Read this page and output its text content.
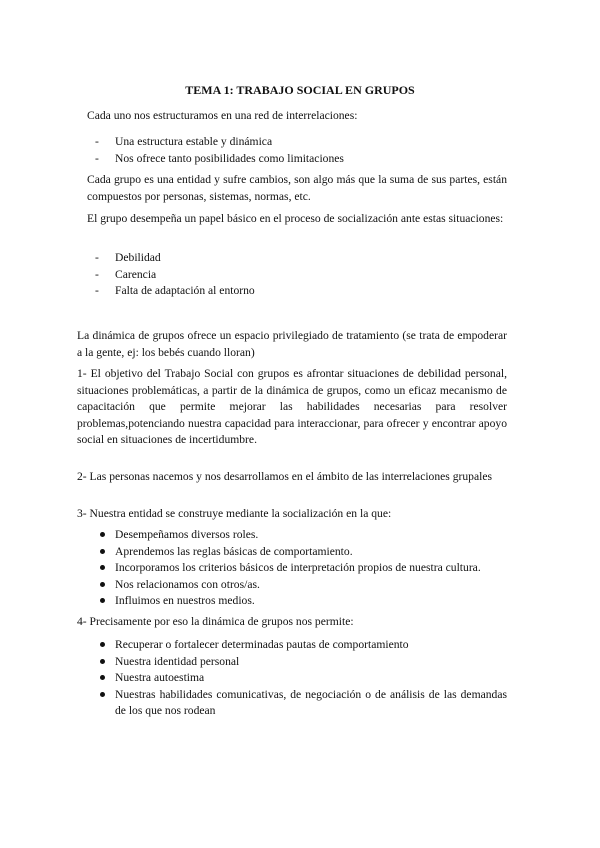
TEMA 1: TRABAJO SOCIAL EN GRUPOS
Cada uno nos estructuramos en una red de interrelaciones:
- Una estructura estable y dinámica
- Nos ofrece tanto posibilidades como limitaciones
Cada grupo es una entidad y sufre cambios, son algo más que la suma de sus partes, están compuestos por personas, sistemas, normas, etc.
El grupo desempeña un papel básico en el proceso de socialización ante estas situaciones:
- Debilidad
- Carencia
- Falta de adaptación al entorno
La dinámica de grupos ofrece un espacio privilegiado de tratamiento (se trata de empoderar a la gente, ej: los bebés cuando lloran)
1- El objetivo del Trabajo Social con grupos es afrontar situaciones de debilidad personal, situaciones problemáticas, a partir de la dinámica de grupos, como un eficaz mecanismo de capacitación que permite mejorar las habilidades necesarias para resolver problemas,potenciando nuestra capacidad para interaccionar, para ofrecer y encontrar apoyo social en situaciones de incertidumbre.
2- Las personas nacemos y nos desarrollamos en el ámbito de las interrelaciones grupales
3- Nuestra entidad se construye mediante la socialización en la que:
Desempeñamos diversos roles.
Aprendemos las reglas básicas de comportamiento.
Incorporamos los criterios básicos de interpretación propios de nuestra cultura.
Nos relacionamos con otros/as.
Influimos en nuestros medios.
4- Precisamente por eso la dinámica de grupos nos permite:
Recuperar o fortalecer determinadas pautas de comportamiento
Nuestra identidad personal
Nuestra autoestima
Nuestras habilidades comunicativas, de negociación o de análisis de las demandas de los que nos rodean
